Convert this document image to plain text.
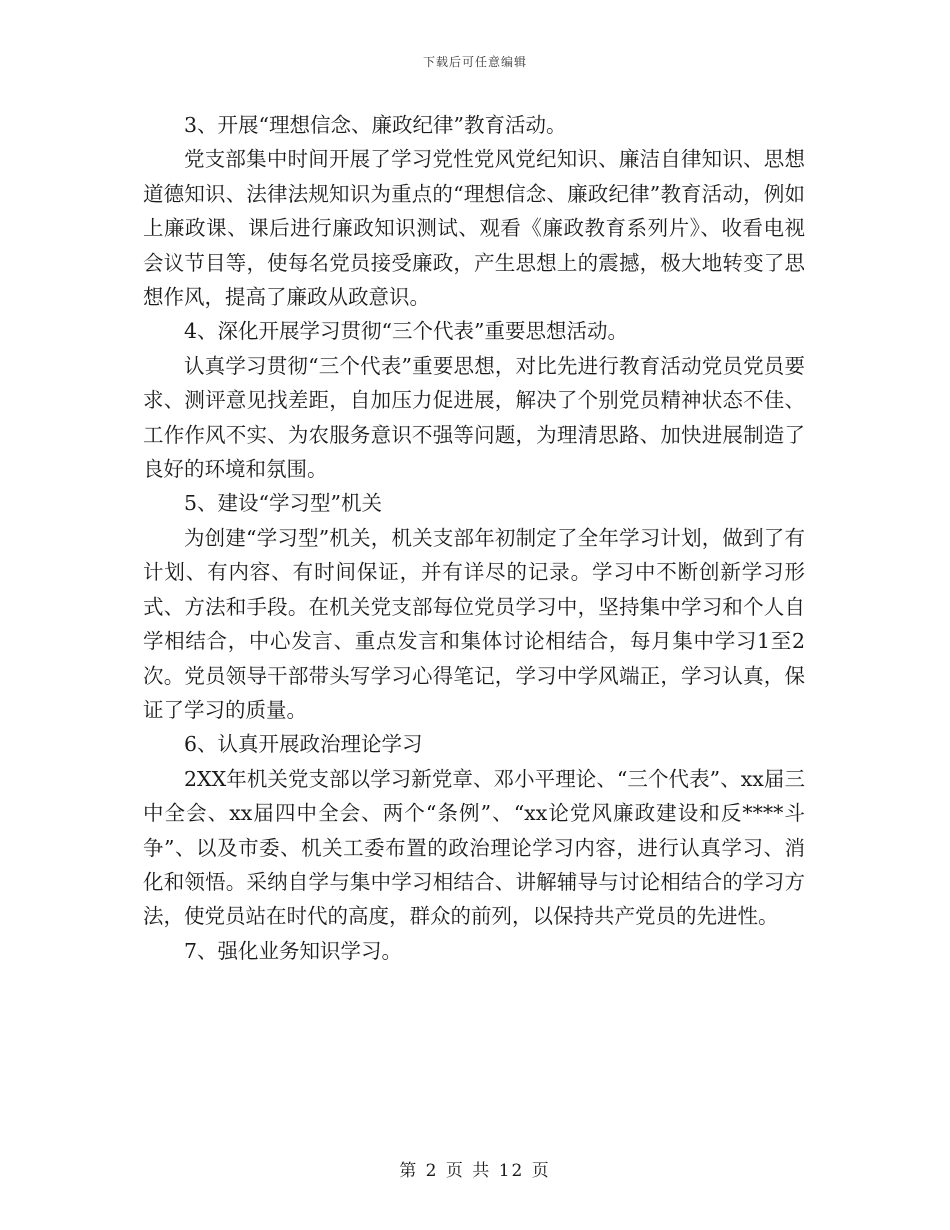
下载后可任意编辑

3、开展“理想信念、廉政纪律”教育活动。

党支部集中时间开展了学习党性党风党纪知识、廉洁自律知识、思想道德知识、法律法规知识为重点的“理想信念、廉政纪律”教育活动，例如上廉政课、课后进行廉政知识测试、观看《廉政教育系列片》、收看电视会议节目等，使每名党员接受廉政，产生思想上的震撼，极大地转变了思想作风，提高了廉政从政意识。

4、深化开展学习贯彻“三个代表”重要思想活动。

认真学习贯彻“三个代表”重要思想，对比先进行教育活动党员党员要求、测评意见找差距，自加压力促进展，解决了个别党员精神状态不佳、工作作风不实、为农服务意识不强等问题，为理清思路、加快进展制造了良好的环境和氛围。

5、建设“学习型”机关

为创建“学习型”机关，机关支部年初制定了全年学习计划，做到了有计划、有内容、有时间保证，并有详尽的记录。学习中不断创新学习形式、方法和手段。在机关党支部每位党员学习中，坚持集中学习和个人自学相结合，中心发言、重点发言和集体讨论相结合，每月集中学习1至2次。党员领导干部带头写学习心得笔记，学习中学风端正，学习认真，保证了学习的质量。

6、认真开展政治理论学习

2XX年机关党支部以学习新党章、邓小平理论、“三个代表”、xx届三中全会、xx届四中全会、两个“条例”、“xx论党风廉政建设和反****斗争”、以及市委、机关工委布置的政治理论学习内容，进行认真学习、消化和领悟。采纳自学与集中学习相结合、讲解辅导与讨论相结合的学习方法，使党员站在时代的高度，群众的前列，以保持共产党员的先进性。

7、强化业务知识学习。

第 2 页 共 12 页
